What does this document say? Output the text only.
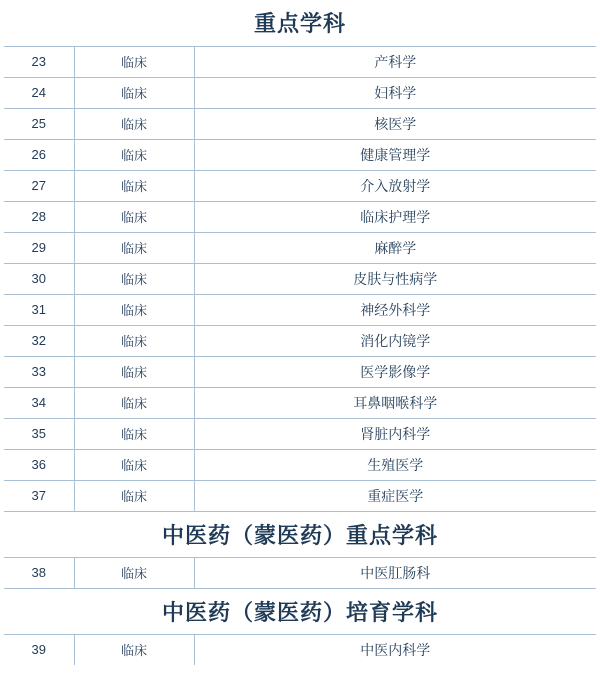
重点学科		
23	临床	产科学
24	临床	妇科学
25	临床	核医学
26	临床	健康管理学
27	临床	介入放射学
28	临床	临床护理学
29	临床	麻醉学
30	临床	皮肤与性病学
31	临床	神经外科学
32	临床	消化内镜学
33	临床	医学影像学
34	临床	耳鼻咽喉科学
35	临床	肾脏内科学
36	临床	生殖医学
37	临床	重症医学
中医药（蒙医药）重点学科		
38	临床	中医肛肠科
中医药（蒙医药）培育学科		
39	临床	中医内科学
